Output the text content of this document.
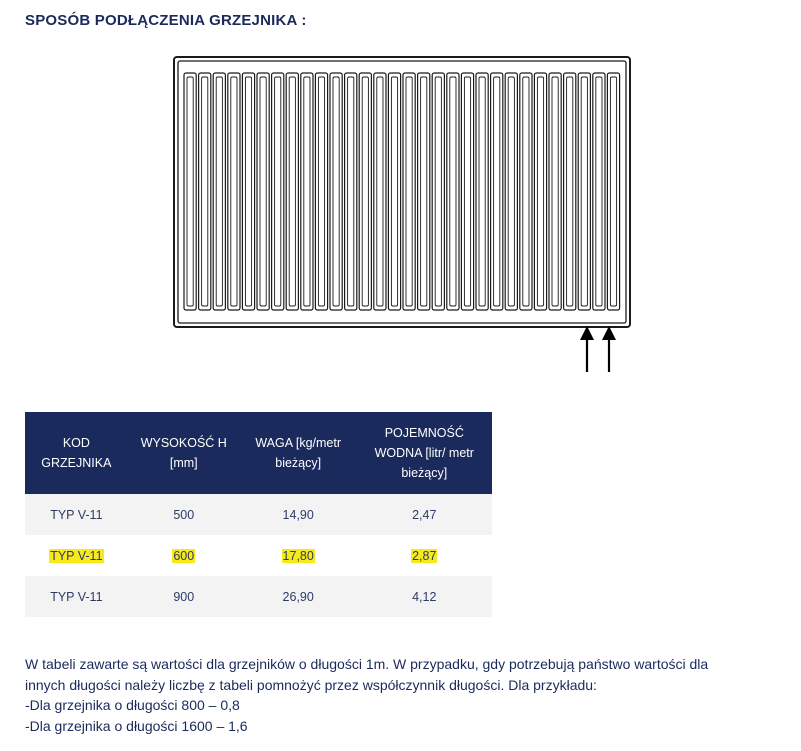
SPOSÓB PODŁĄCZENIA GRZEJNIKA :
KOD GRZEJNIKA	WYSOKOŚĆ H [mm]	WAGA [kg/metr bieżący]	POJEMNOŚĆ WODNA [litr/ metr bieżący]
TYP V-11	500	14,90	2,47
TYP V-11	600	17,80	2,87
TYP V-11	900	26,90	4,12

W tabeli zawarte są wartości dla grzejników o długości 1m. W przypadku, gdy potrzebują państwo wartości dla

innych długości należy liczbę z tabeli pomnożyć przez współczynnik długości. Dla przykładu:

-Dla grzejnika o długości 800 – 0,8

-Dla grzejnika o długości 1600 – 1,6
